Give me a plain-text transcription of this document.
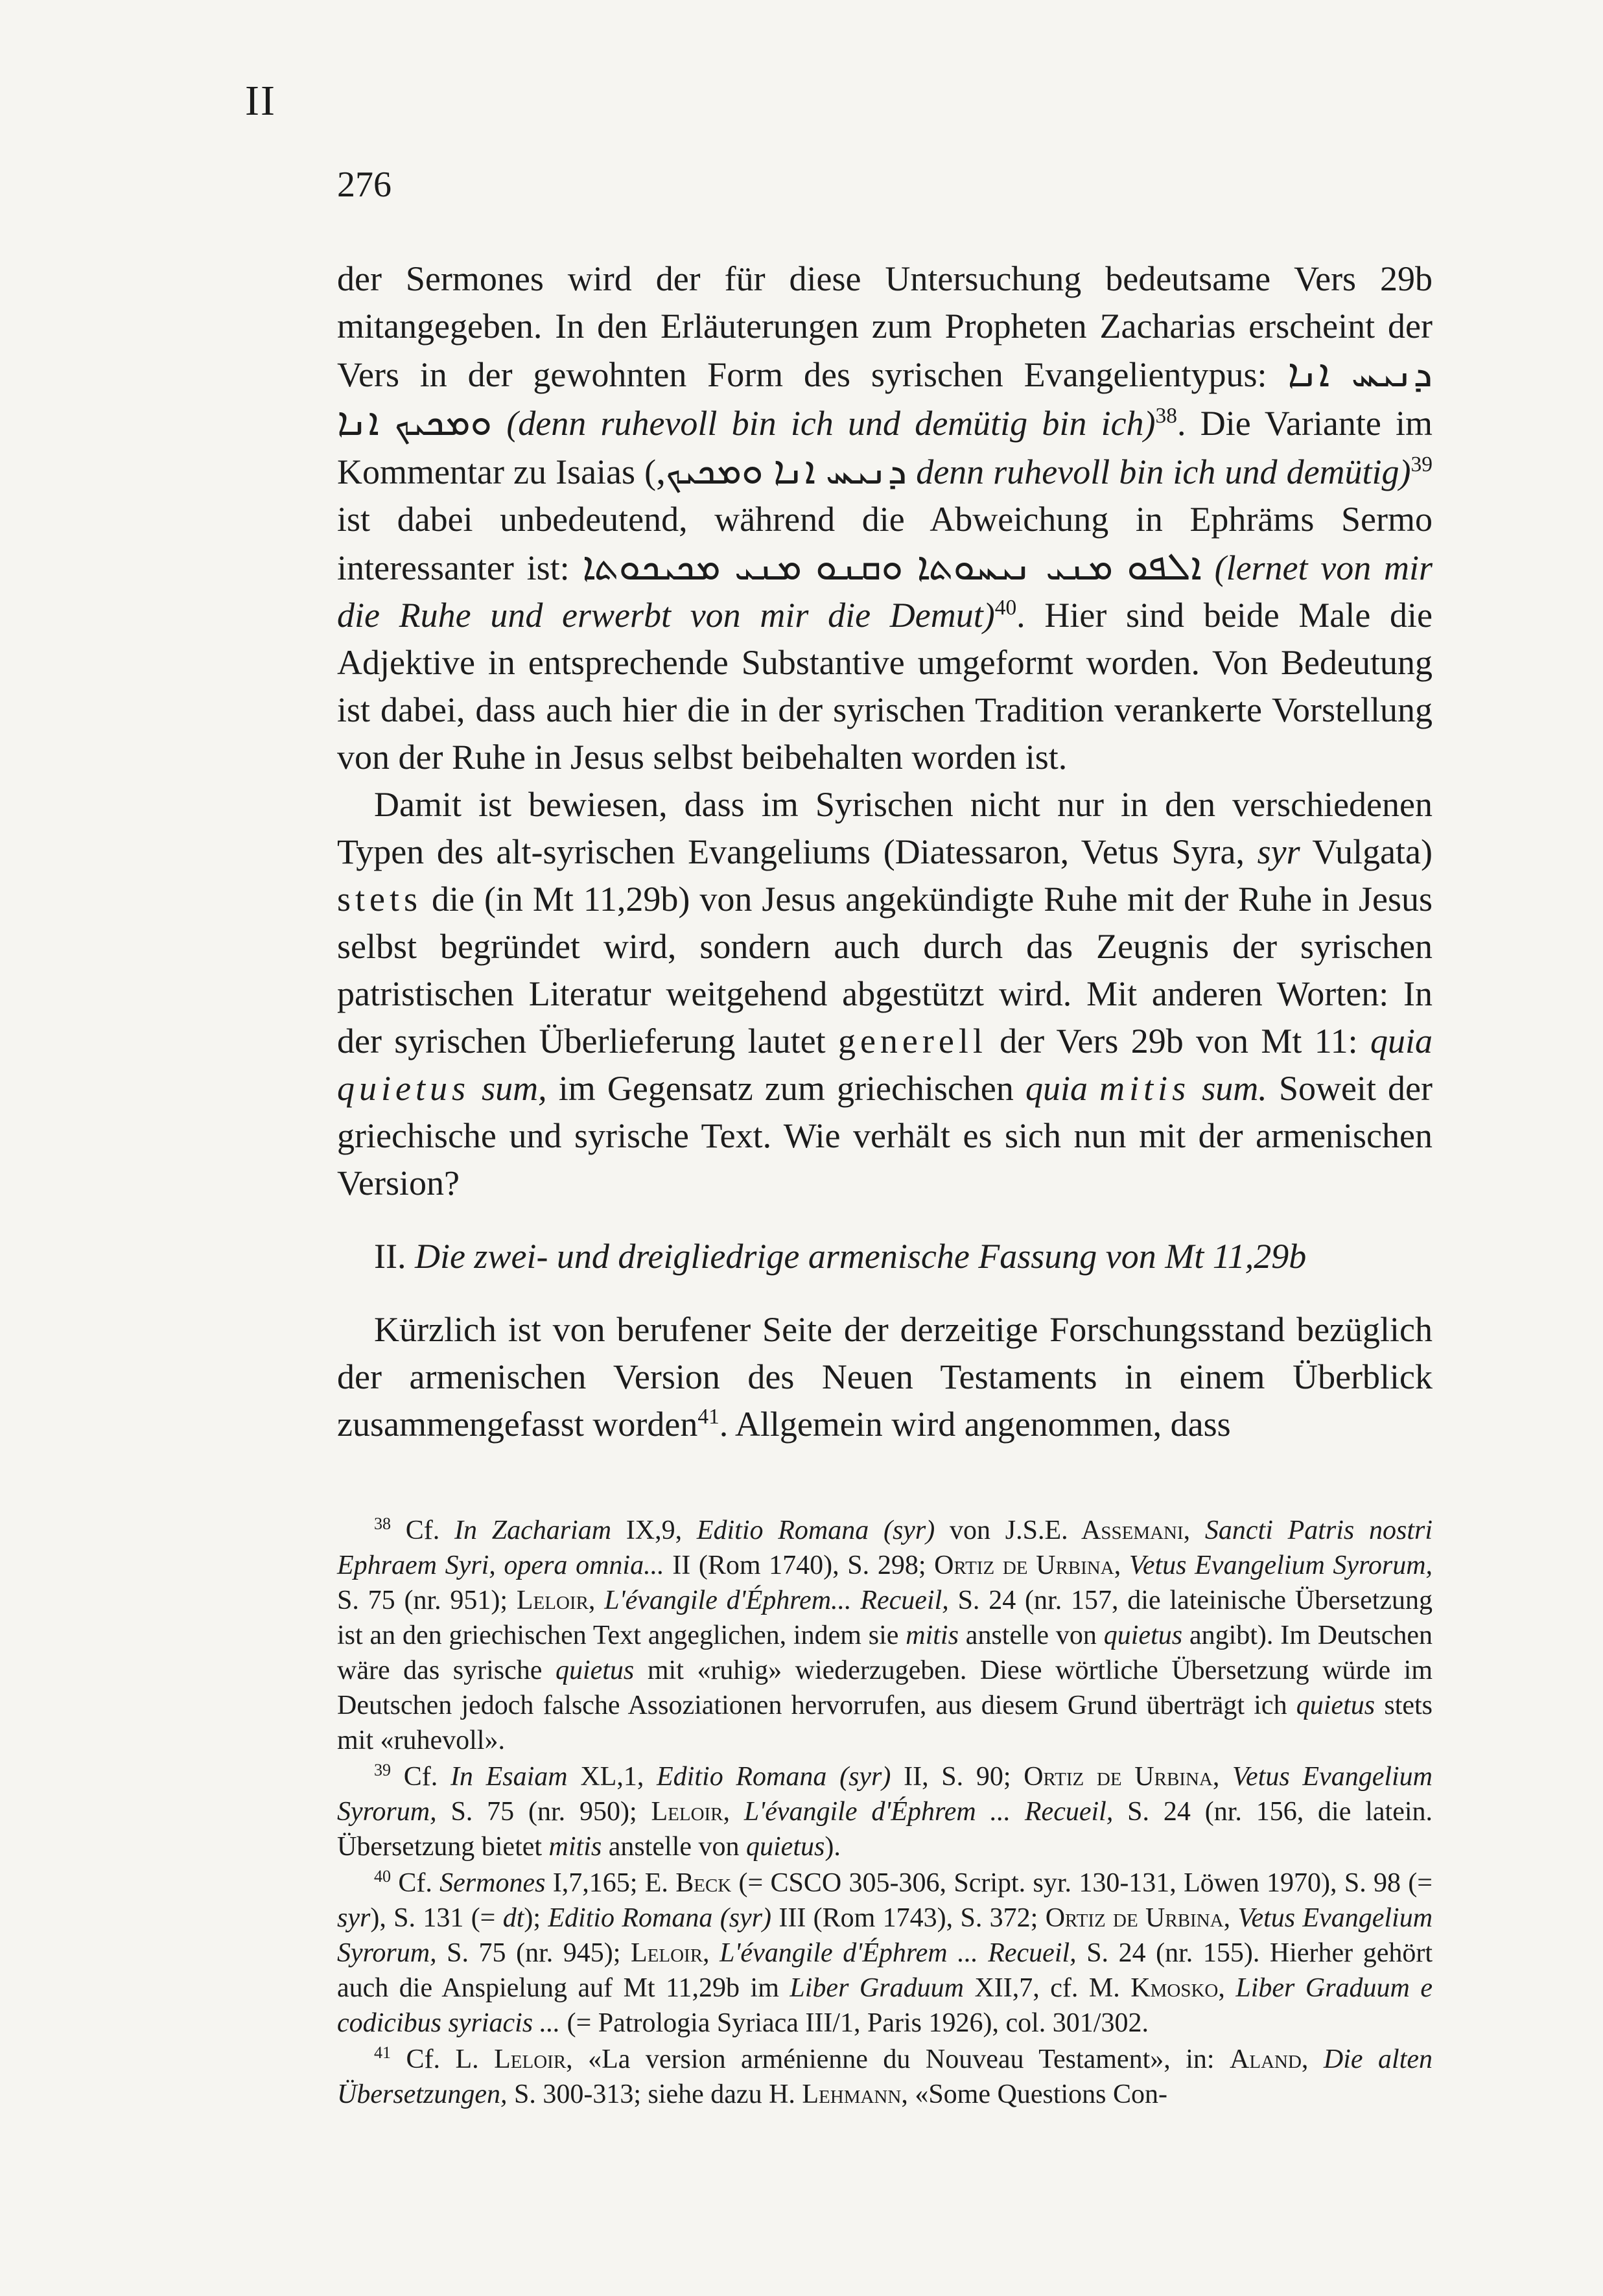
II
276

der Sermones wird der für diese Untersuchung bedeutsame Vers 29b mitangegeben. In den Erläuterungen zum Propheten Zacharias erscheint der Vers in der gewohnten Form des syrischen Evangelientypus: ܕܢܝܚ ܐܢܐ ܘܡܟܝܟ ܐܢܐ (denn ruhevoll bin ich und demütig bin ich)$^{38}$. Die Variante im Kommentar zu Isaias (ܕܢܝܚ ܐܢܐ ܘܡܟܝܟ, denn ruhevoll bin ich und demütig)$^{39}$ ist dabei unbedeutend, während die Abweichung in Ephräms Sermo interessanter ist: ܐܠܦܘ ܡܢܝ ܢܝܚܘܬܐ ܘܩܢܘ ܡܢܝ ܡܟܝܟܘܬܐ (lernet von mir die Ruhe und erwerbt von mir die Demut)$^{40}$. Hier sind beide Male die Adjektive in entsprechende Substantive umgeformt worden. Von Bedeutung ist dabei, dass auch hier die in der syrischen Tradition verankerte Vorstellung von der Ruhe in Jesus selbst beibehalten worden ist.

Damit ist bewiesen, dass im Syrischen nicht nur in den verschiedenen Typen des alt-syrischen Evangeliums (Diatessaron, Vetus Syra, syr Vulgata) stets die (in Mt 11,29b) von Jesus angekündigte Ruhe mit der Ruhe in Jesus selbst begründet wird, sondern auch durch das Zeugnis der syrischen patristischen Literatur weitgehend abgestützt wird. Mit anderen Worten: In der syrischen Überlieferung lautet generell der Vers 29b von Mt 11: quia quietus sum, im Gegensatz zum griechischen quia mitis sum. Soweit der griechische und syrische Text. Wie verhält es sich nun mit der armenischen Version?

II. Die zwei- und dreigliedrige armenische Fassung von Mt 11,29b

Kürzlich ist von berufener Seite der derzeitige Forschungsstand bezüglich der armenischen Version des Neuen Testaments in einem Überblick zusammengefasst worden$^{41}$. Allgemein wird angenommen, dass

$^{38}$ Cf. In Zachariam IX,9, Editio Romana (syr) von J.S.E. Assemani, Sancti Patris nostri Ephraem Syri, opera omnia... II (Rom 1740), S. 298; Ortiz de Urbina, Vetus Evangelium Syrorum, S. 75 (nr. 951); Leloir, L'évangile d'Éphrem... Recueil, S. 24 (nr. 157, die lateinische Übersetzung ist an den griechischen Text angeglichen, indem sie mitis anstelle von quietus angibt). Im Deutschen wäre das syrische quietus mit «ruhig» wiederzugeben. Diese wörtliche Übersetzung würde im Deutschen jedoch falsche Assoziationen hervorrufen, aus diesem Grund überträgt ich quietus stets mit «ruhevoll».

$^{39}$ Cf. In Esaiam XL,1, Editio Romana (syr) II, S. 90; Ortiz de Urbina, Vetus Evangelium Syrorum, S. 75 (nr. 950); Leloir, L'évangile d'Éphrem ... Recueil, S. 24 (nr. 156, die latein. Übersetzung bietet mitis anstelle von quietus).

$^{40}$ Cf. Sermones I,7,165; E. Beck (= CSCO 305-306, Script. syr. 130-131, Löwen 1970), S. 98 (= syr), S. 131 (= dt); Editio Romana (syr) III (Rom 1743), S. 372; Ortiz de Urbina, Vetus Evangelium Syrorum, S. 75 (nr. 945); Leloir, L'évangile d'Éphrem ... Recueil, S. 24 (nr. 155). Hierher gehört auch die Anspielung auf Mt 11,29b im Liber Graduum XII,7, cf. M. Kmosko, Liber Graduum e codicibus syriacis ... (= Patrologia Syriaca III/1, Paris 1926), col. 301/302.

$^{41}$ Cf. L. Leloir, «La version arménienne du Nouveau Testament», in: Aland, Die alten Übersetzungen, S. 300-313; siehe dazu H. Lehmann, «Some Questions Con-
